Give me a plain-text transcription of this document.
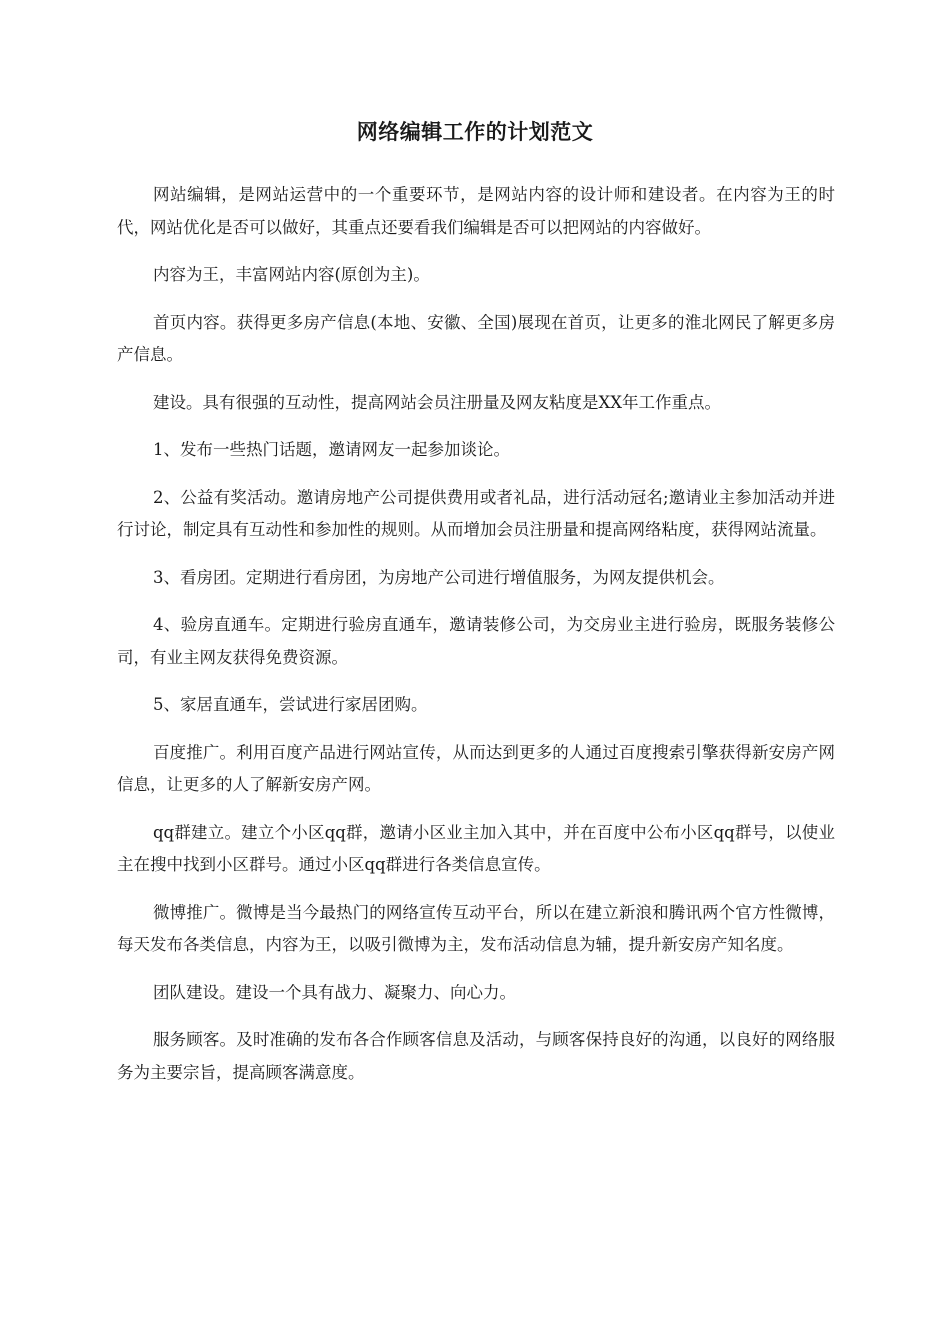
网络编辑工作的计划范文

网站编辑，是网站运营中的一个重要环节，是网站内容的设计师和建设者。在内容为王的时代，网站优化是否可以做好，其重点还要看我们编辑是否可以把网站的内容做好。

内容为王，丰富网站内容(原创为主)。

首页内容。获得更多房产信息(本地、安徽、全国)展现在首页，让更多的淮北网民了解更多房产信息。

建设。具有很强的互动性，提高网站会员注册量及网友粘度是XX年工作重点。

1、发布一些热门话题，邀请网友一起参加谈论。

2、公益有奖活动。邀请房地产公司提供费用或者礼品，进行活动冠名;邀请业主参加活动并进行讨论，制定具有互动性和参加性的规则。从而增加会员注册量和提高网络粘度，获得网站流量。

3、看房团。定期进行看房团，为房地产公司进行增值服务，为网友提供机会。

4、验房直通车。定期进行验房直通车，邀请装修公司，为交房业主进行验房，既服务装修公司，有业主网友获得免费资源。

5、家居直通车，尝试进行家居团购。

百度推广。利用百度产品进行网站宣传，从而达到更多的人通过百度搜索引擎获得新安房产网信息，让更多的人了解新安房产网。

qq群建立。建立个小区qq群，邀请小区业主加入其中，并在百度中公布小区qq群号，以使业主在搜中找到小区群号。通过小区qq群进行各类信息宣传。

微博推广。微博是当今最热门的网络宣传互动平台，所以在建立新浪和腾讯两个官方性微博，每天发布各类信息，内容为王，以吸引微博为主，发布活动信息为辅，提升新安房产知名度。

团队建设。建设一个具有战力、凝聚力、向心力。

服务顾客。及时准确的发布各合作顾客信息及活动，与顾客保持良好的沟通，以良好的网络服务为主要宗旨，提高顾客满意度。
